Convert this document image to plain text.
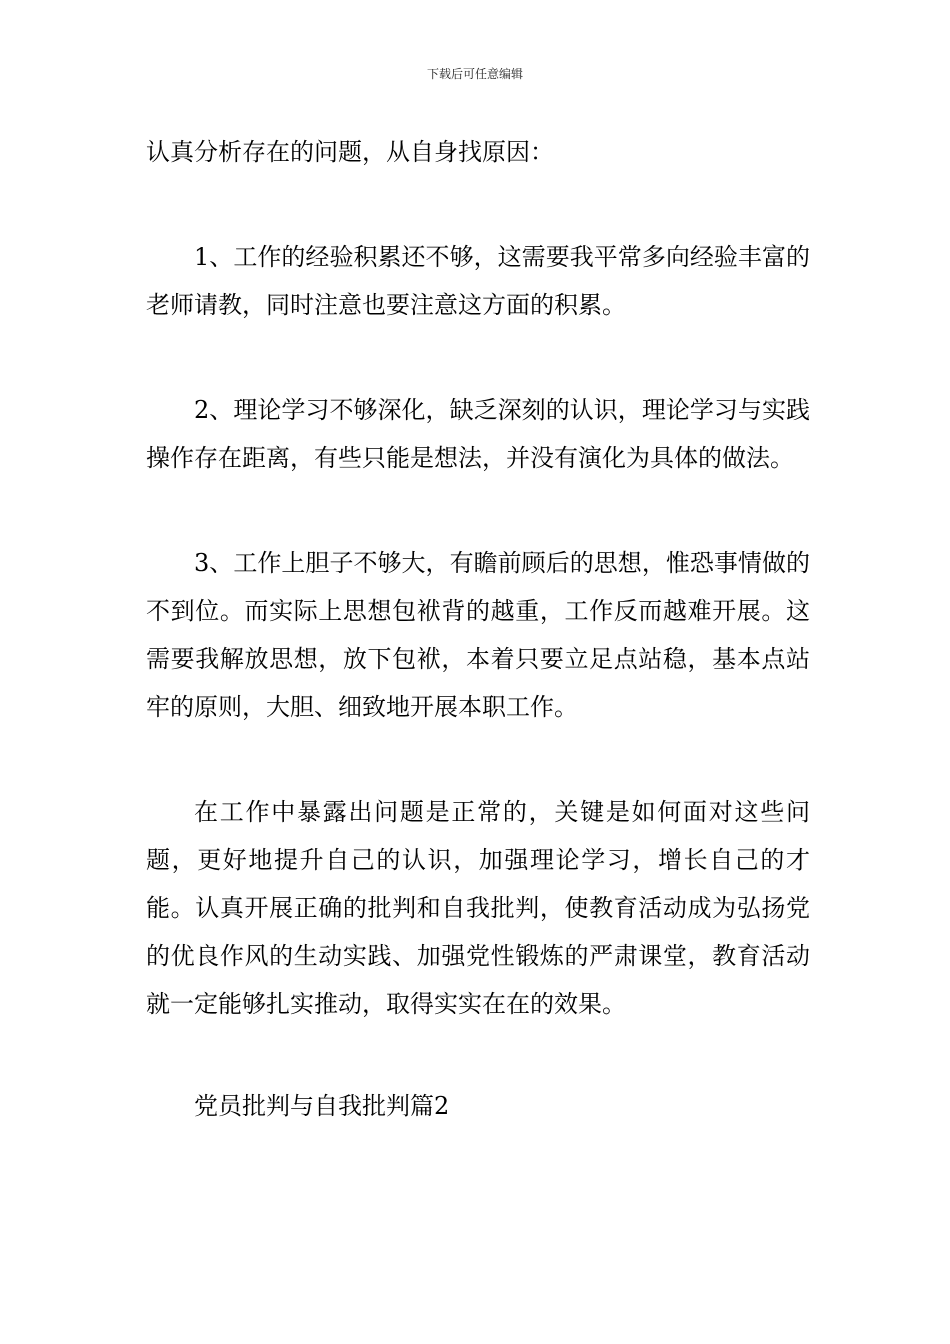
下载后可任意编辑

认真分析存在的问题，从自身找原因：

1、工作的经验积累还不够，这需要我平常多向经验丰富的老师请教，同时注意也要注意这方面的积累。

2、理论学习不够深化，缺乏深刻的认识，理论学习与实践操作存在距离，有些只能是想法，并没有演化为具体的做法。

3、工作上胆子不够大，有瞻前顾后的思想，惟恐事情做的不到位。而实际上思想包袱背的越重，工作反而越难开展。这需要我解放思想，放下包袱，本着只要立足点站稳，基本点站牢的原则，大胆、细致地开展本职工作。

在工作中暴露出问题是正常的，关键是如何面对这些问题，更好地提升自己的认识，加强理论学习，增长自己的才能。认真开展正确的批判和自我批判，使教育活动成为弘扬党的优良作风的生动实践、加强党性锻炼的严肃课堂，教育活动就一定能够扎实推动，取得实实在在的效果。

党员批判与自我批判篇2
